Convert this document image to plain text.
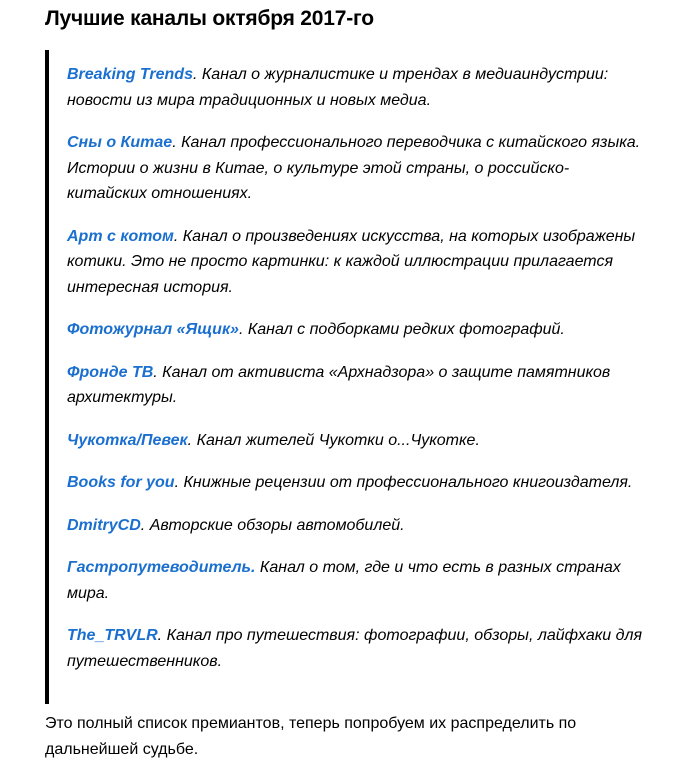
Лучшие каналы октября 2017-го

Breaking Trends. Канал о журналистике и трендах в медиаиндустрии: новости из мира традиционных и новых медиа.

Сны о Китае. Канал профессионального переводчика с китайского языка. Истории о жизни в Китае, о культуре этой страны, о российско-китайских отношениях.

Арт с котом. Канал о произведениях искусства, на которых изображены котики. Это не просто картинки: к каждой иллюстрации прилагается интересная история.

Фотожурнал «Ящик». Канал с подборками редких фотографий.

Фронде ТВ. Канал от активиста «Архнадзора» о защите памятников архитектуры.

Чукотка/Певек. Канал жителей Чукотки о...Чукотке.

Books for you. Книжные рецензии от профессионального книгоиздателя.

DmitryCD. Авторские обзоры автомобилей.

Гастропутеводитель. Канал о том, где и что есть в разных странах мира.

The_TRVLR. Канал про путешествия: фотографии, обзоры, лайфхаки для путешественников.

Это полный список премиантов, теперь попробуем их распределить по дальнейшей судьбе.
